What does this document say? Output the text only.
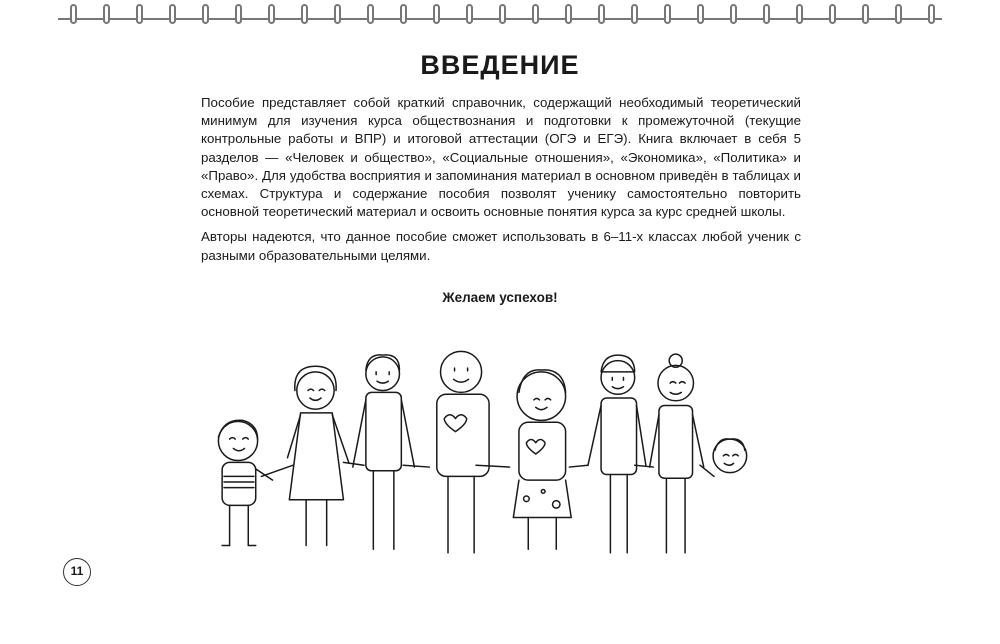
ВВЕДЕНИЕ

Пособие представляет собой краткий справочник, содержащий необходимый теоретический минимум для изучения курса обществознания и подготовки к промежуточной (текущие контрольные работы и ВПР) и итоговой аттестации (ОГЭ и ЕГЭ). Книга включает в себя 5 разделов — «Человек и общество», «Социальные отношения», «Экономика», «Политика» и «Право». Для удобства восприятия и запоминания материал в основном приведён в таблицах и схемах. Структура и содержание пособия позволят ученику самостоятельно повторить основной теоретический материал и освоить основные понятия курса за курс средней школы.

Авторы надеются, что данное пособие сможет использовать в 6–11-х классах любой ученик с разными образовательными целями.

Желаем успехов!

11
